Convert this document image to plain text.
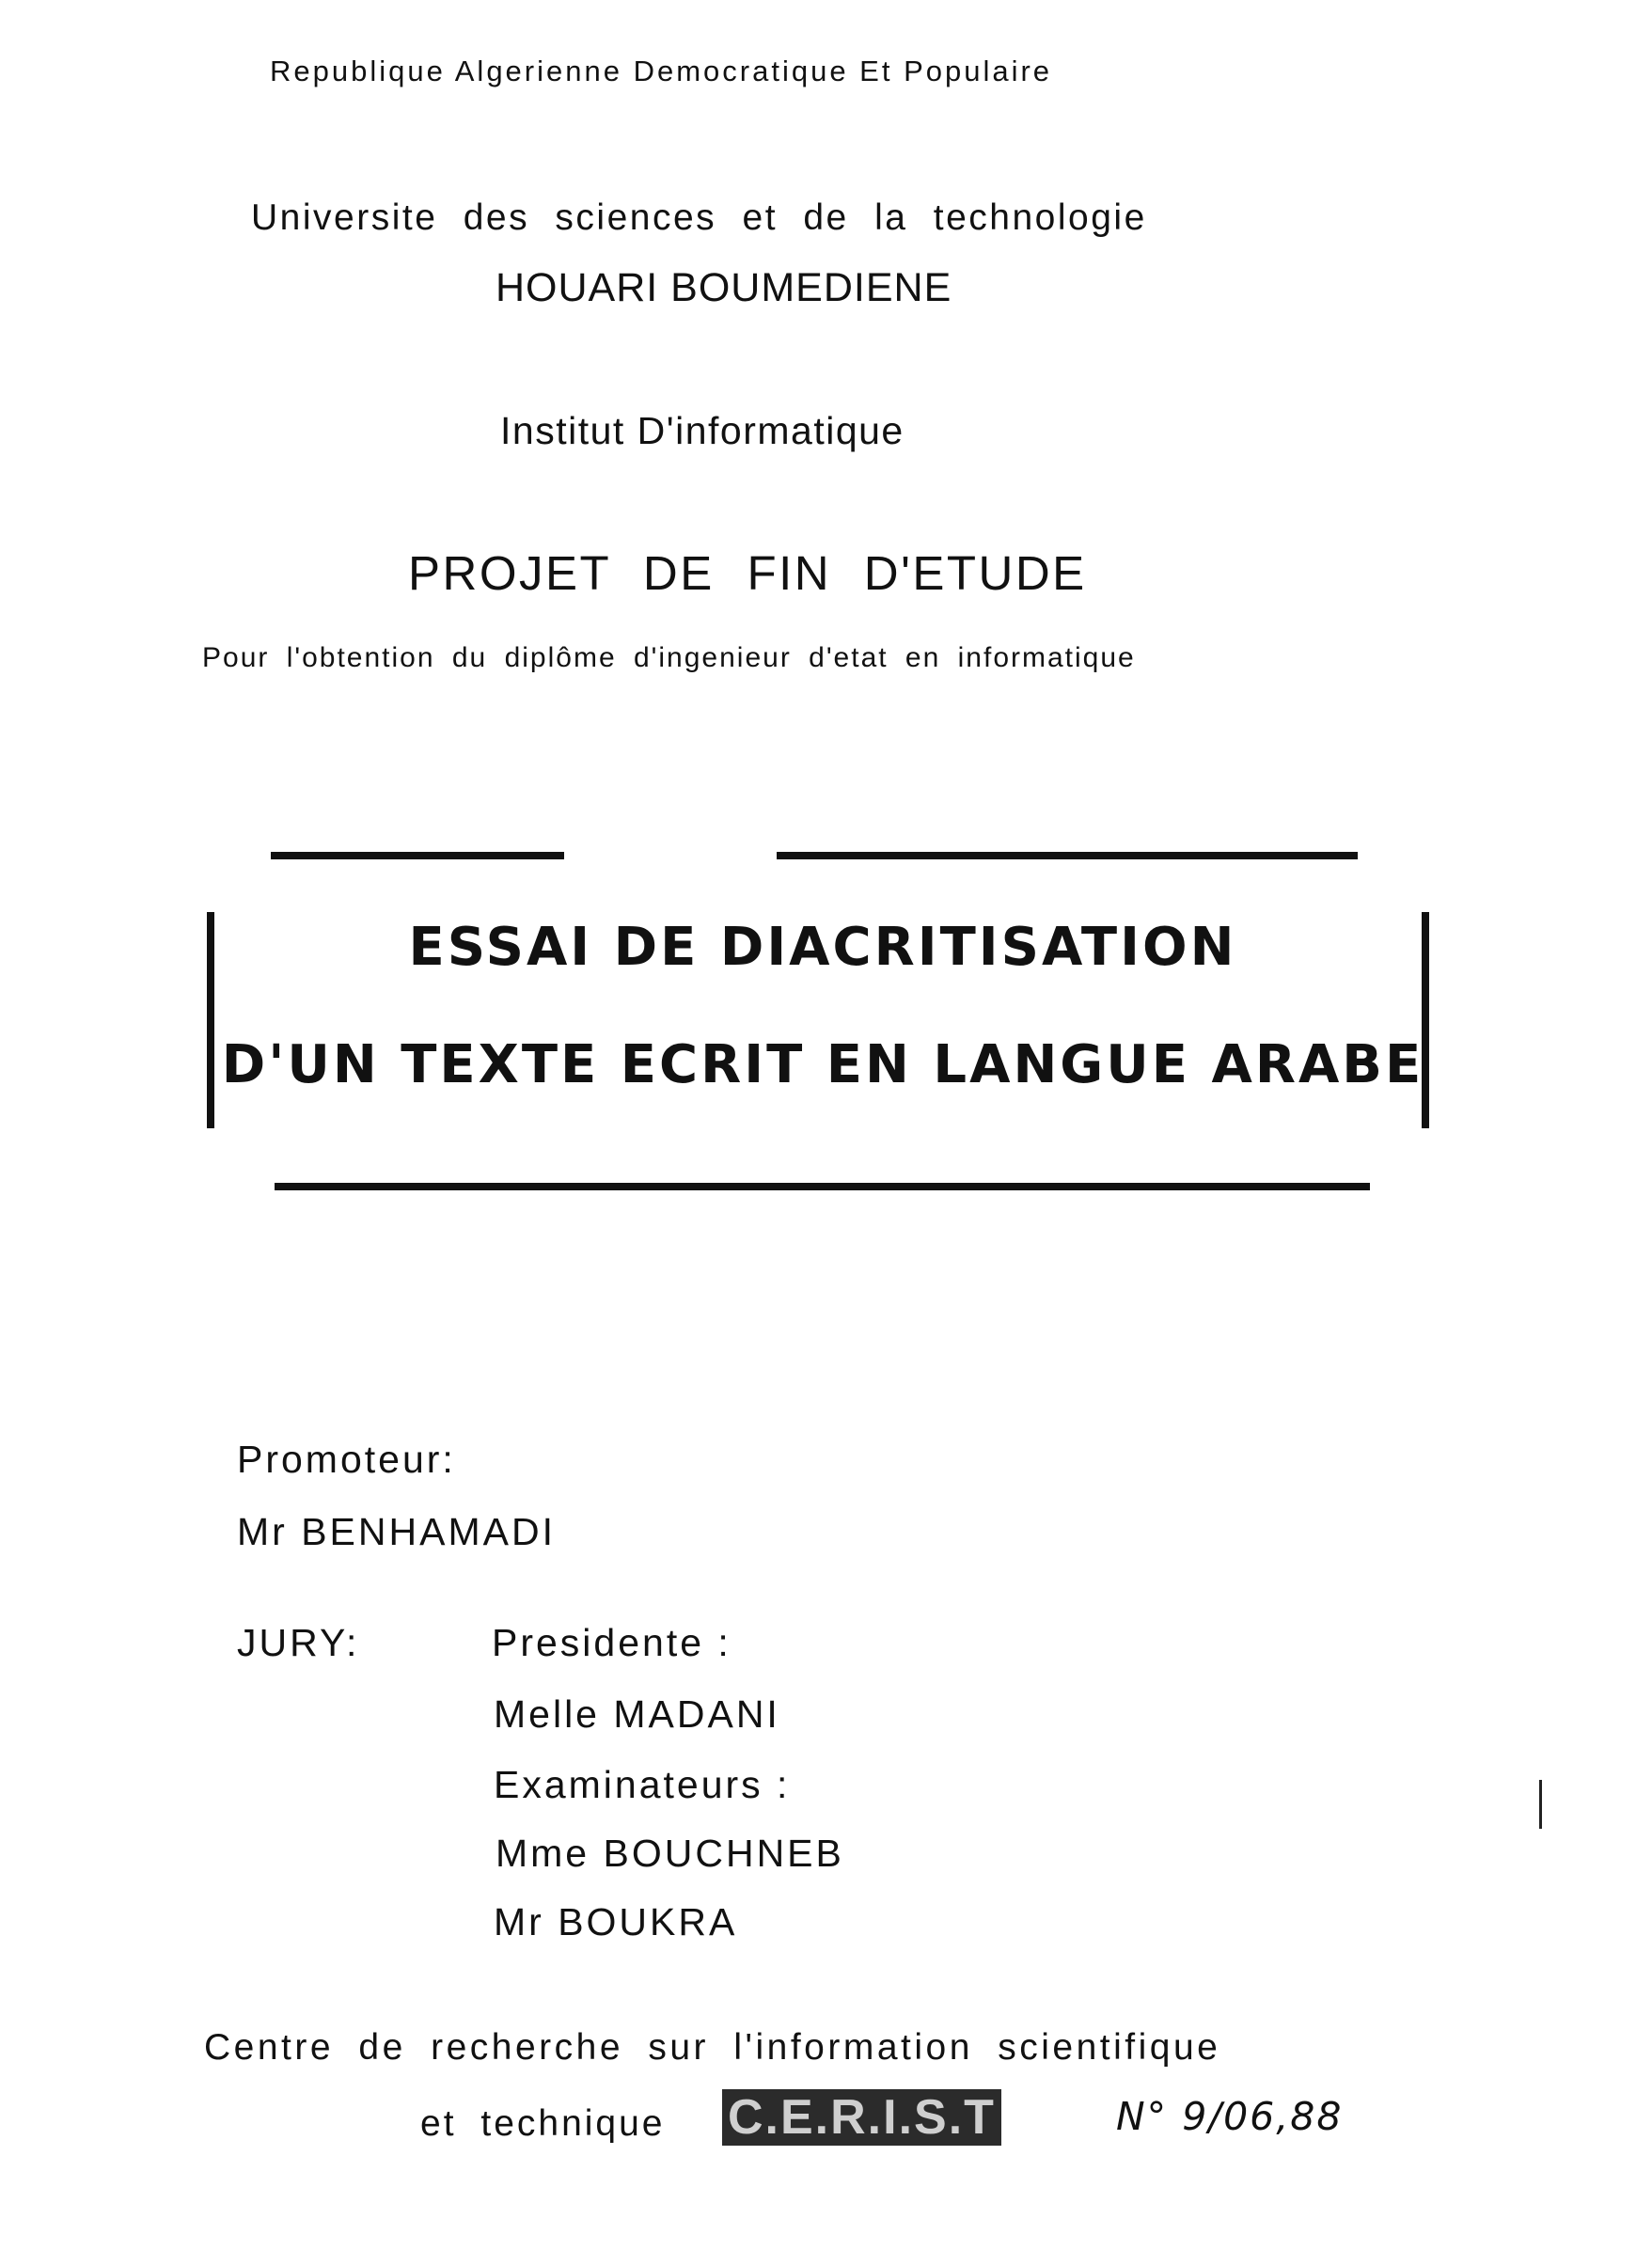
Republique Algerienne Democratique Et Populaire
Universite des sciences et de la technologie
HOUARI BOUMEDIENE
Institut D'informatique
PROJET DE FIN D'ETUDE
Pour l'obtention du diplôme d'ingenieur d'etat en informatique
ESSAI DE DIACRITISATION
D'UN TEXTE ECRIT EN LANGUE ARABE
Promoteur:
Mr BENHAMADI
JURY:	Presidente :
Melle MADANI
Examinateurs :
Mme BOUCHNEB
Mr BOUKRA
Centre de recherche sur l'information scientifique
et technique C.E.R.I.S.T	N° 9/06,88
